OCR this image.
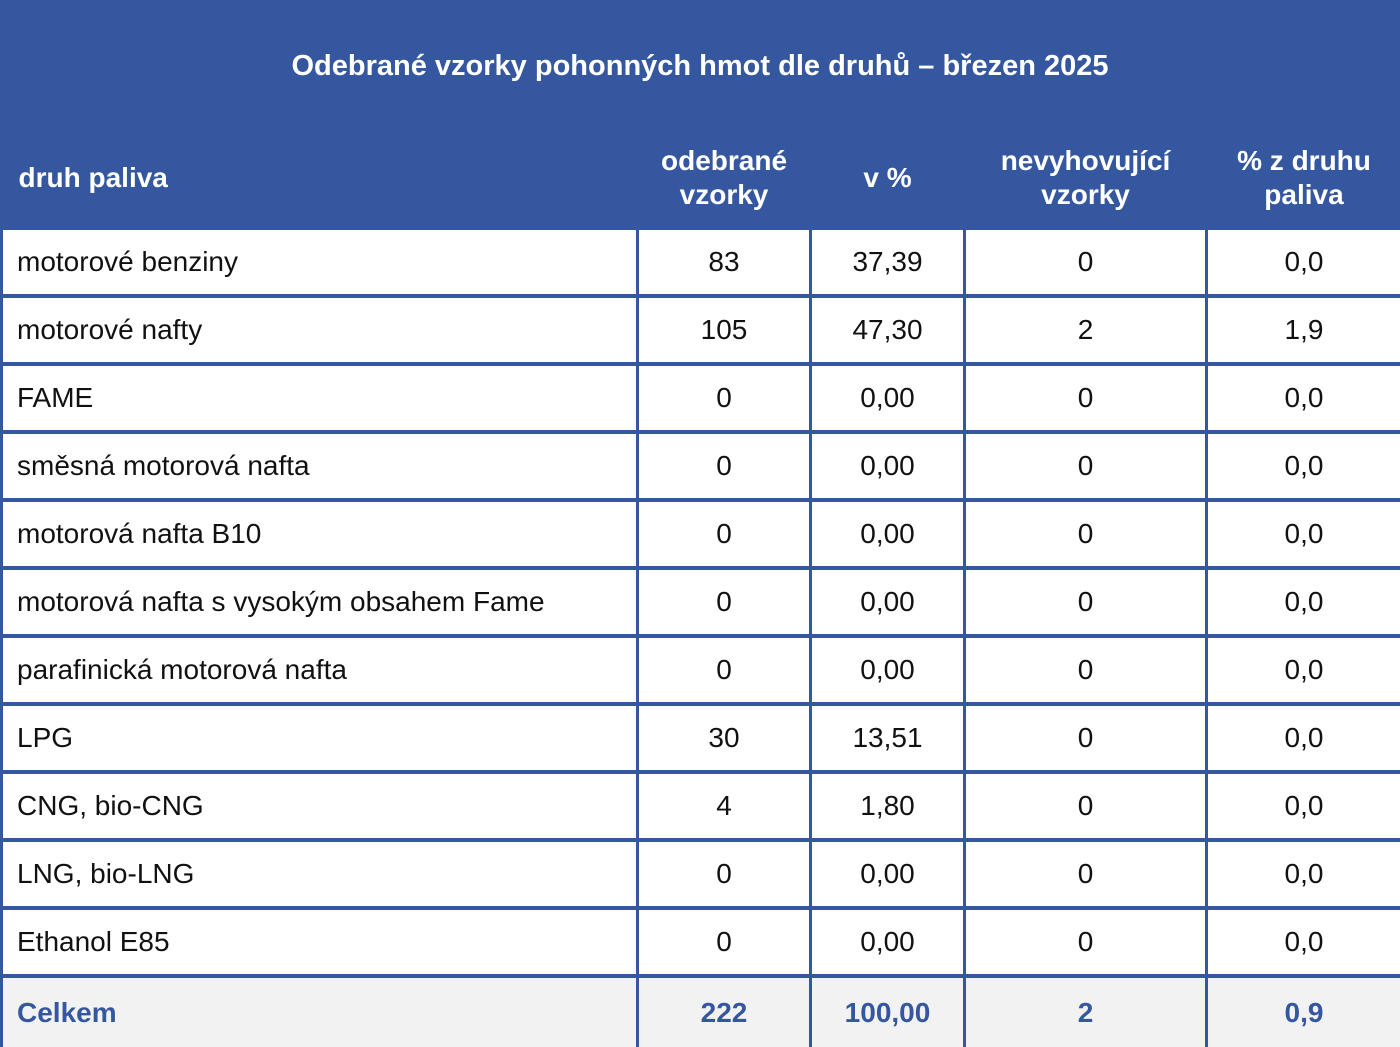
Odebrané vzorky pohonných hmot dle druhů – březen 2025
druh paliva	odebrané vzorky	v %	nevyhovující vzorky	% z druhu paliva
motorové benziny	83	37,39	0	0,0
motorové nafty	105	47,30	2	1,9
FAME	0	0,00	0	0,0
směsná motorová nafta	0	0,00	0	0,0
motorová nafta B10	0	0,00	0	0,0
motorová nafta s vysokým obsahem Fame	0	0,00	0	0,0
parafinická motorová nafta	0	0,00	0	0,0
LPG	30	13,51	0	0,0
CNG, bio-CNG	4	1,80	0	0,0
LNG, bio-LNG	0	0,00	0	0,0
Ethanol E85	0	0,00	0	0,0
Celkem	222	100,00	2	0,9
